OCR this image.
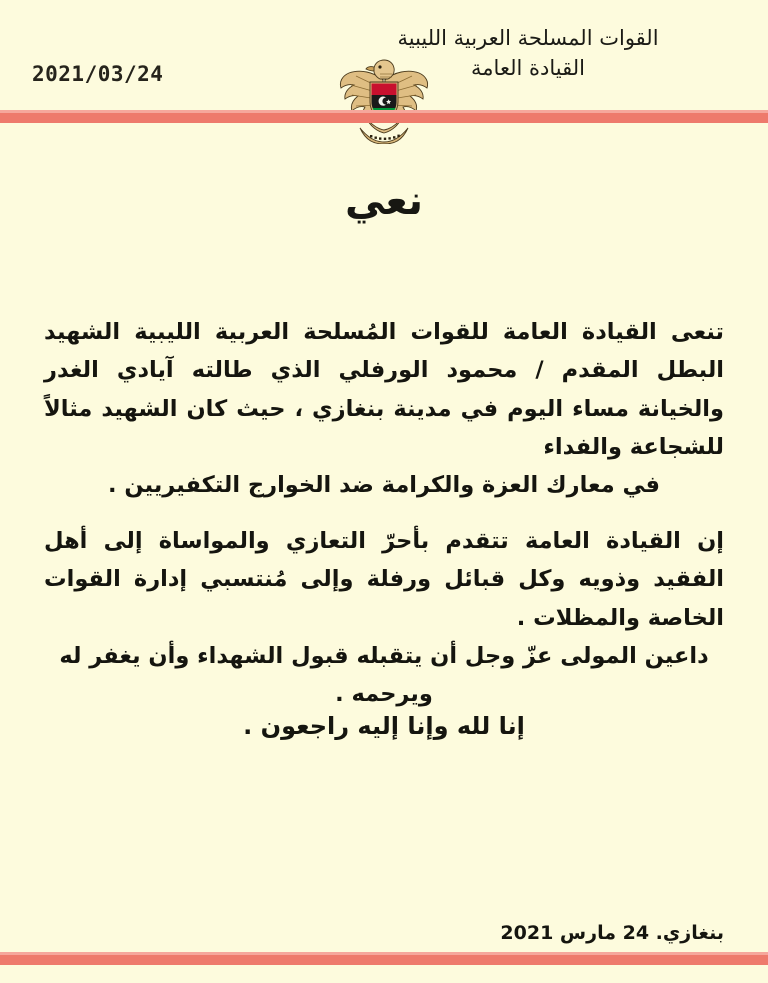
2021/03/24
القوات المسلحة العربية الليبية
القيادة العامة
نعي

تنعى القيادة العامة للقوات المُسلحة العربية الليبية الشهيد البطل المقدم / محمود الورفلي الذي طالته آيادي الغدر والخيانة مساء اليوم في مدينة بنغازي ، حيث كان الشهيد مثالاً للشجاعة والفداء

في معارك العزة والكرامة ضد الخوارج التكفيريين .

إن القيادة العامة تتقدم بأحرّ التعازي والمواساة إلى أهل الفقيد وذويه وكل قبائل ورفلة وإلى مُنتسبي إدارة القوات الخاصة والمظلات .

داعين المولى عزّ وجل أن يتقبله قبول الشهداء وأن يغفر له ويرحمه .
إنا لله وإنا إليه راجعون .
بنغازي. 24 مارس 2021
